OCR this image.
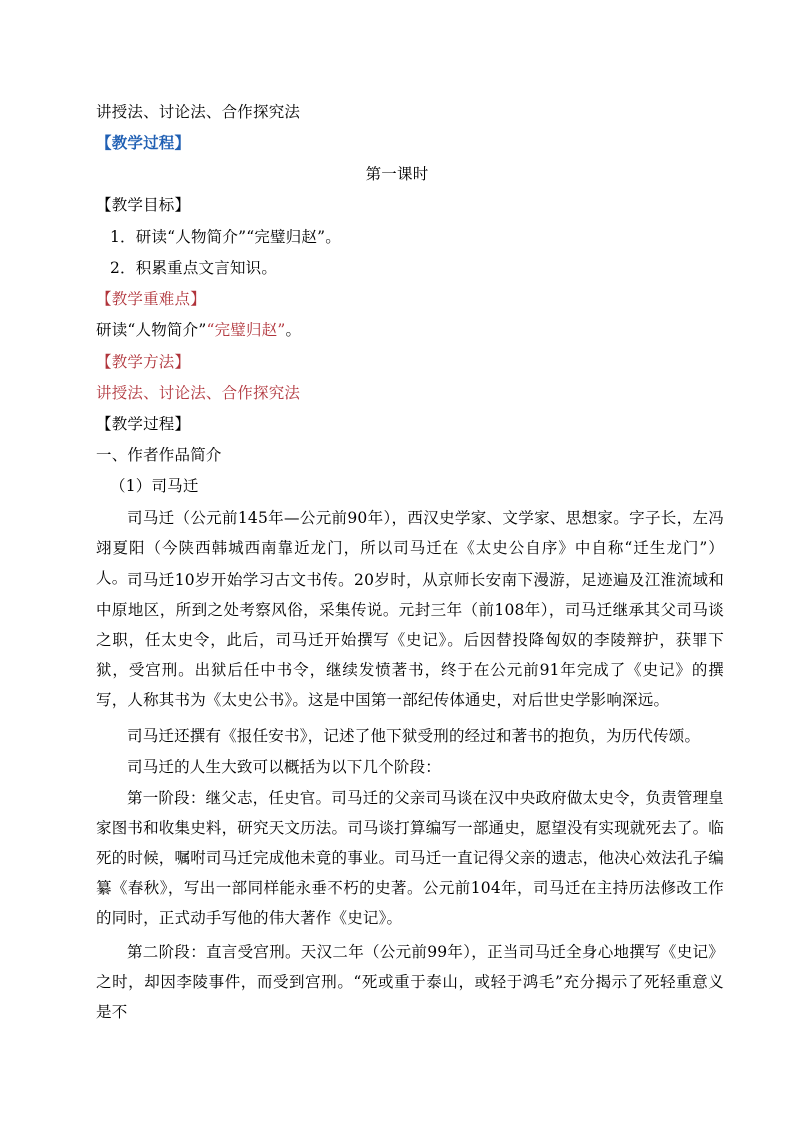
讲授法、讨论法、合作探究法
【教学过程】
第一课时
【教学目标】
1．研读“人物简介”“完璧归赵”。
2．积累重点文言知识。
【教学重难点】
研读“人物简介”“完璧归赵”。
【教学方法】
讲授法、讨论法、合作探究法
【教学过程】
一、作者作品简介
（1）司马迁
司马迁（公元前145年—公元前90年），西汉史学家、文学家、思想家。字子长，左冯翊夏阳（今陕西韩城西南靠近龙门，所以司马迁在《太史公自序》中自称“迁生龙门”）人。 司马迁10岁开始学习古文书传。20岁时，从京师长安南下漫游，足迹遍及江淮流域和中原地区，所到之处考察风俗，采集传说。元封三年（前108年），司马迁继承其父司马谈之职，任太史令，此后，司马迁开始撰写《史记》。后因替投降匈奴的李陵辩护，获罪下狱，受宫刑。出狱后任中书令，继续发愤著书，终于在公元前91年完成了《史记》的撰写，人称其书为《太史公书》。这是中国第一部纪传体通史，对后世史学影响深远。
司马迁还撰有《报任安书》，记述了他下狱受刑的经过和著书的抱负，为历代传颂。
司马迁的人生大致可以概括为以下几个阶段：
第一阶段：继父志，任史官。司马迁的父亲司马谈在汉中央政府做太史令，负责管理皇家图书和收集史料，研究天文历法。司马谈打算编写一部通史，愿望没有实现就死去了。临死的时候，嘱咐司马迁完成他未竟的事业。司马迁一直记得父亲的遗志，他决心效法孔子编纂《春秋》，写出一部同样能永垂不朽的史著。公元前104年，司马迁在主持历法修改工作的同时，正式动手写他的伟大著作《史记》。
第二阶段：直言受宫刑。天汉二年（公元前99年），正当司马迁全身心地撰写《史记》之时，却因李陵事件，而受到宫刑。“死或重于泰山，或轻于鸿毛”充分揭示了死轻重意义是不
